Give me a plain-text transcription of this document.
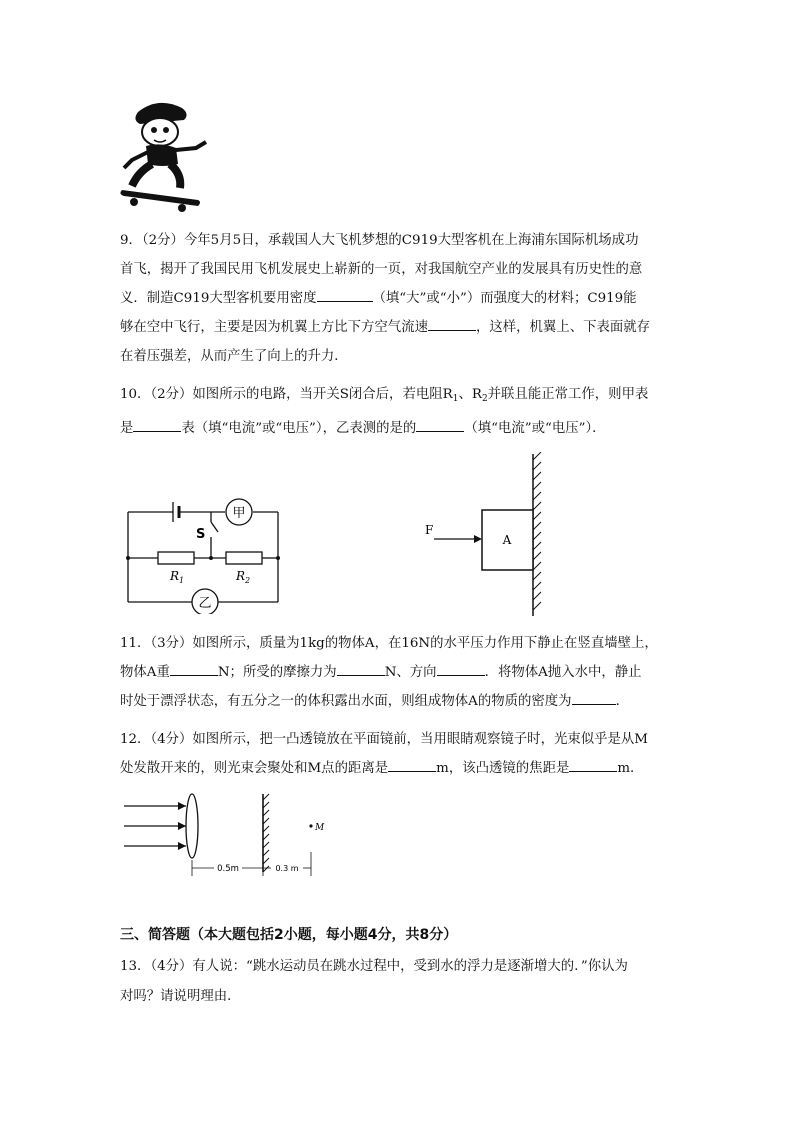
9．（2分）今年5月5日，承载国人大飞机梦想的C919大型客机在上海浦东国际机场成功
首飞，揭开了我国民用飞机发展史上崭新的一页，对我国航空产业的发展具有历史性的意
义．制造C919大型客机要用密度	（填“大”或“小”）而强度大的材料；C919能
够在空中飞行，主要是因为机翼上方比下方空气流速	，这样，机翼上、下表面就存
在着压强差，从而产生了向上的升力．

10．（2分）如图所示的电路，当开关S闭合后，若电阻$R_1$、$R_2$并联且能正常工作，则甲表
是	表（填“电流”或“电压”），乙表测的是的	（填“电流”或“电压”）．

S
甲
乙
$R_1$	$R_2$
F
A

11．（3分）如图所示，质量为1kg的物体A，在16N的水平压力作用下静止在竖直墙壁上，
物体A重	N；所受的摩擦力为	N、方向	．将物体A抛入水中，静止
时处于漂浮状态，有五分之一的体积露出水面，则组成物体A的物质的密度为	．

12．（4分）如图所示，把一凸透镜放在平面镜前，当用眼睛观察镜子时，光束似乎是从M
处发散开来的，则光束会聚处和M点的距离是	m，该凸透镜的焦距是	m．

M
0.5m	0.3 m
三、简答题（本大题包括2小题，每小题4分，共8分）

13．（4分）有人说：“跳水运动员在跳水过程中，受到水的浮力是逐渐增大的．”你认为
对吗？请说明理由．
